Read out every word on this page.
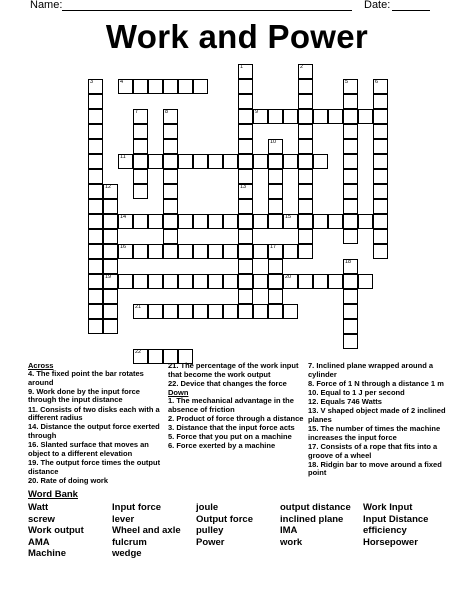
Name:	Date:
Work and Power
3
1
13
2
5	6
7	8
10
12
19
17
18
4
9
11
14	15
16
20
21
22
Across
4. The fixed point the bar rotates around
9. Work done by the input force through the input distance
11. Consists of two disks each with a different radius
14. Distance the output force exerted through
16. Slanted surface that moves an object to a different elevation
19. The output force times the output distance
20. Rate of doing work
21. The percentage of the work input that become the work output
22. Device that changes the force
Down
1. The mechanical advantage in the absence of friction
2. Product of force through a distance
3. Distance that the input force acts
5. Force that you put on a machine
6. Force exerted by a machine
7. Inclined plane wrapped around a cylinder
8. Force of 1 N through a distance 1 m
10. Equal to 1 J per second
12. Equals 746 Watts
13. V shaped object made of 2 inclined planes
15. The number of times the machine increases the input force
17. Consists of a rope that fits into a groove of a wheel
18. Ridgin bar to move around a fixed point
Word Bank
Watt
screw
Work output
AMA
Machine
Input force
lever
Wheel and axle
fulcrum
wedge
joule
Output force
pulley
Power
output distance
inclined plane
IMA
work
Work Input
Input Distance
efficiency
Horsepower
